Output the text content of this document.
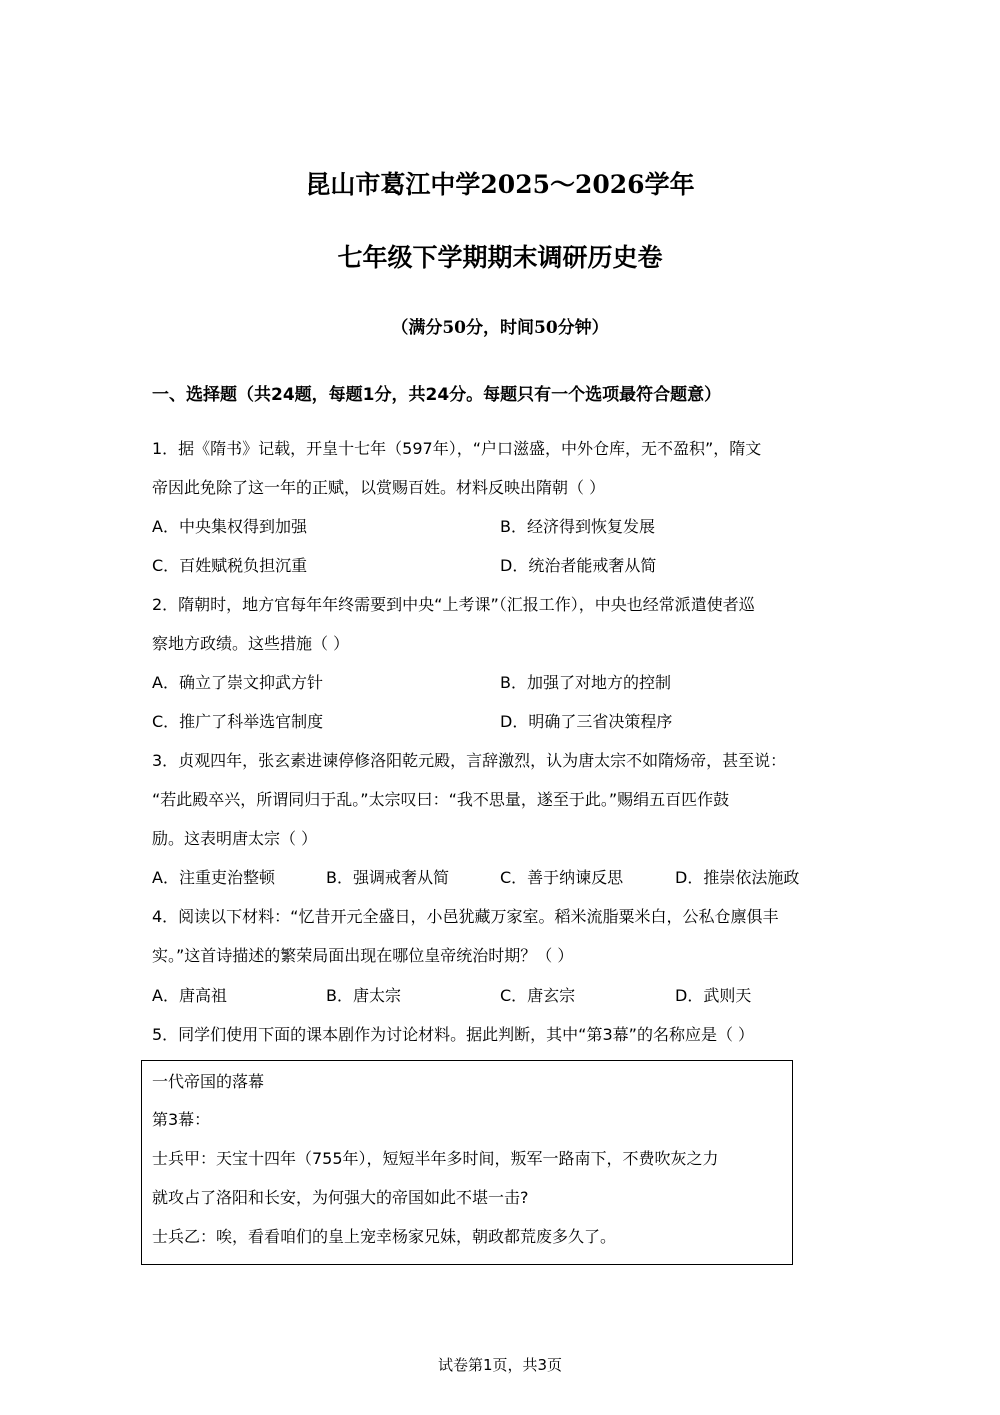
昆山市葛江中学2025～2026学年
七年级下学期期末调研历史卷
（满分50分，时间50分钟）
一、选择题（共24题，每题1分，共24分。每题只有一个选项最符合题意）
1．据《隋书》记载，开皇十七年（597年），“户口滋盛，中外仓库，无不盈积”，隋文
帝因此免除了这一年的正赋，以赏赐百姓。材料反映出隋朝（ ）
A．中央集权得到加强	B．经济得到恢复发展
C．百姓赋税负担沉重	D．统治者能戒奢从简
2．隋朝时，地方官每年年终需要到中央“上考课”（汇报工作），中央也经常派遣使者巡
察地方政绩。这些措施（ ）
A．确立了崇文抑武方针	B．加强了对地方的控制
C．推广了科举选官制度	D．明确了三省决策程序
3．贞观四年，张玄素进谏停修洛阳乾元殿，言辞激烈，认为唐太宗不如隋炀帝，甚至说：
“若此殿卒兴，所谓同归于乱。”太宗叹曰：“我不思量，遂至于此。”赐绢五百匹作鼓
励。这表明唐太宗（ ）
A．注重吏治整顿	B．强调戒奢从简	C．善于纳谏反思	D．推崇依法施政
4．阅读以下材料：“忆昔开元全盛日，小邑犹藏万家室。稻米流脂粟米白，公私仓廪俱丰
实。”这首诗描述的繁荣局面出现在哪位皇帝统治时期？（ ）
A．唐高祖	B．唐太宗	C．唐玄宗	D．武则天
5．同学们使用下面的课本剧作为讨论材料。据此判断，其中“第3幕”的名称应是（ ）
一代帝国的落幕
第3幕：
士兵甲：天宝十四年（755年），短短半年多时间，叛军一路南下，不费吹灰之力
就攻占了洛阳和长安，为何强大的帝国如此不堪一击?
士兵乙：唉，看看咱们的皇上宠幸杨家兄妹，朝政都荒废多久了。
试卷第1页，共3页
